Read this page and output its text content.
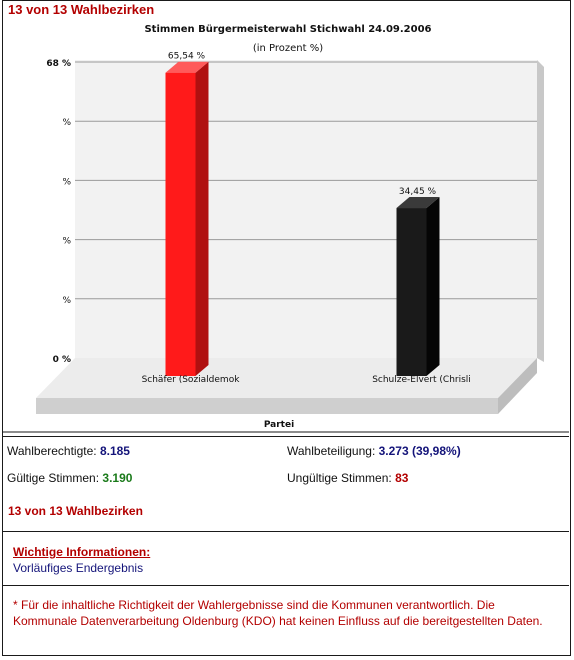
13 von 13 Wahlbezirken
Stimmen Bürgermeisterwahl Stichwahl 24.09.2006
(in Prozent %)
68 %
%
%
%
%
0 %
65,54 %
34,45 %
Schäfer (Sozialdemok	Schulze-Elvert (Chrisli
Partei
Wahlberechtigte: 8.185	Wahlbeteiligung: 3.273 (39,98%)
Gültige Stimmen: 3.190	Ungültige Stimmen: 83
13 von 13 Wahlbezirken
Wichtige Informationen:
Vorläufiges Endergebnis
* Für die inhaltliche Richtigkeit der Wahlergebnisse sind die Kommunen verantwortlich. Die Kommunale Datenverarbeitung Oldenburg (KDO) hat keinen Einfluss auf die bereitgestellten Daten.
